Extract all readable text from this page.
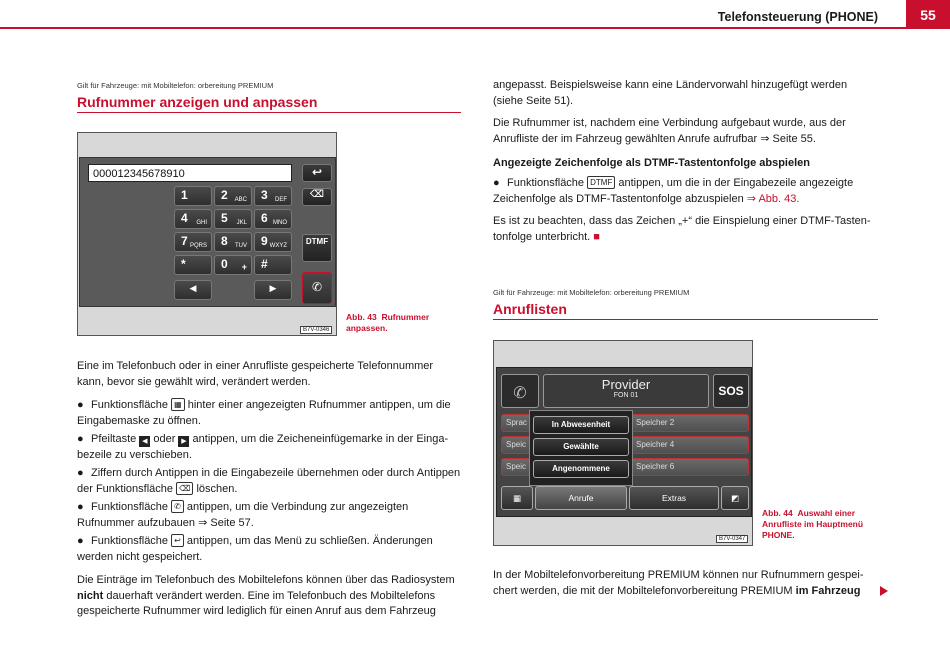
Telefonsteuerung (PHONE)	55
Gilt für Fahrzeuge: mit Mobiltelefon: orbereitung PREMIUM
Rufnummer anzeigen und anpassen
000012345678910	↩
⌫
DTMF
✆
1	2 ABC 3 DEF
4 GHI 5 JKL 6 MNO
7 PQRS 8 TUV 9 WXYZ
*	0 + #
◀	▶
B7V-0346
Abb. 43 Rufnummer anpassen.
Eine im Telefonbuch oder in einer Anrufliste gespeicherte Telefonnummer kann, bevor sie gewählt wird, verändert werden.
● Funktionsfläche ▦ hinter einer angezeigten Rufnummer antippen, um die Eingabemaske zu öffnen.
● Pfeiltaste ◀ oder ▶ antippen, um die Zeicheneinfügemarke in der Einga-bezeile zu verschieben.
● Ziffern durch Antippen in die Eingabezeile übernehmen oder durch Antippen der Funktionsfläche ⌫ löschen.
● Funktionsfläche ✆ antippen, um die Verbindung zur angezeigten Rufnummer aufzubauen ⇒ Seite 57.
● Funktionsfläche ↩ antippen, um das Menü zu schließen. Änderungen werden nicht gespeichert.
Die Einträge im Telefonbuch des Mobiltelefons können über das Radiosystem nicht dauerhaft verändert werden. Eine im Telefonbuch des Mobiltelefons gespeicherte Rufnummer wird lediglich für einen Anruf aus dem Fahrzeug
angepasst. Beispielsweise kann eine Ländervorwahl hinzugefügt werden (siehe Seite 51).
Die Rufnummer ist, nachdem eine Verbindung aufgebaut wurde, aus der Anrufliste der im Fahrzeug gewählten Anrufe aufrufbar ⇒ Seite 55.
Angezeigte Zeichenfolge als DTMF-Tastentonfolge abspielen
● Funktionsfläche DTMF antippen, um die in der Eingabezeile angezeigte Zeichenfolge als DTMF-Tastentonfolge abzuspielen ⇒ Abb. 43.
Es ist zu beachten, dass das Zeichen „+“ die Einspielung einer DTMF-Tasten-tonfolge unterbricht. ■
Gilt für Fahrzeuge: mit Mobiltelefon: orbereitung PREMIUM
Anruflisten
✆
Provider
FON 01	SOS
Sprac
Speic
Speic
Speicher 2
Speicher 4
Speicher 6
In Abwesenheit
Gewählte
Angenommene
▦	Anrufe	Extras	◩
B7V-0347
Abb. 44 Auswahl einer Anrufliste im Hauptmenü PHONE.
In der Mobiltelefonvorbereitung PREMIUM können nur Rufnummern gespei-chert werden, die mit der Mobiltelefonvorbereitung PREMIUM im Fahrzeug
